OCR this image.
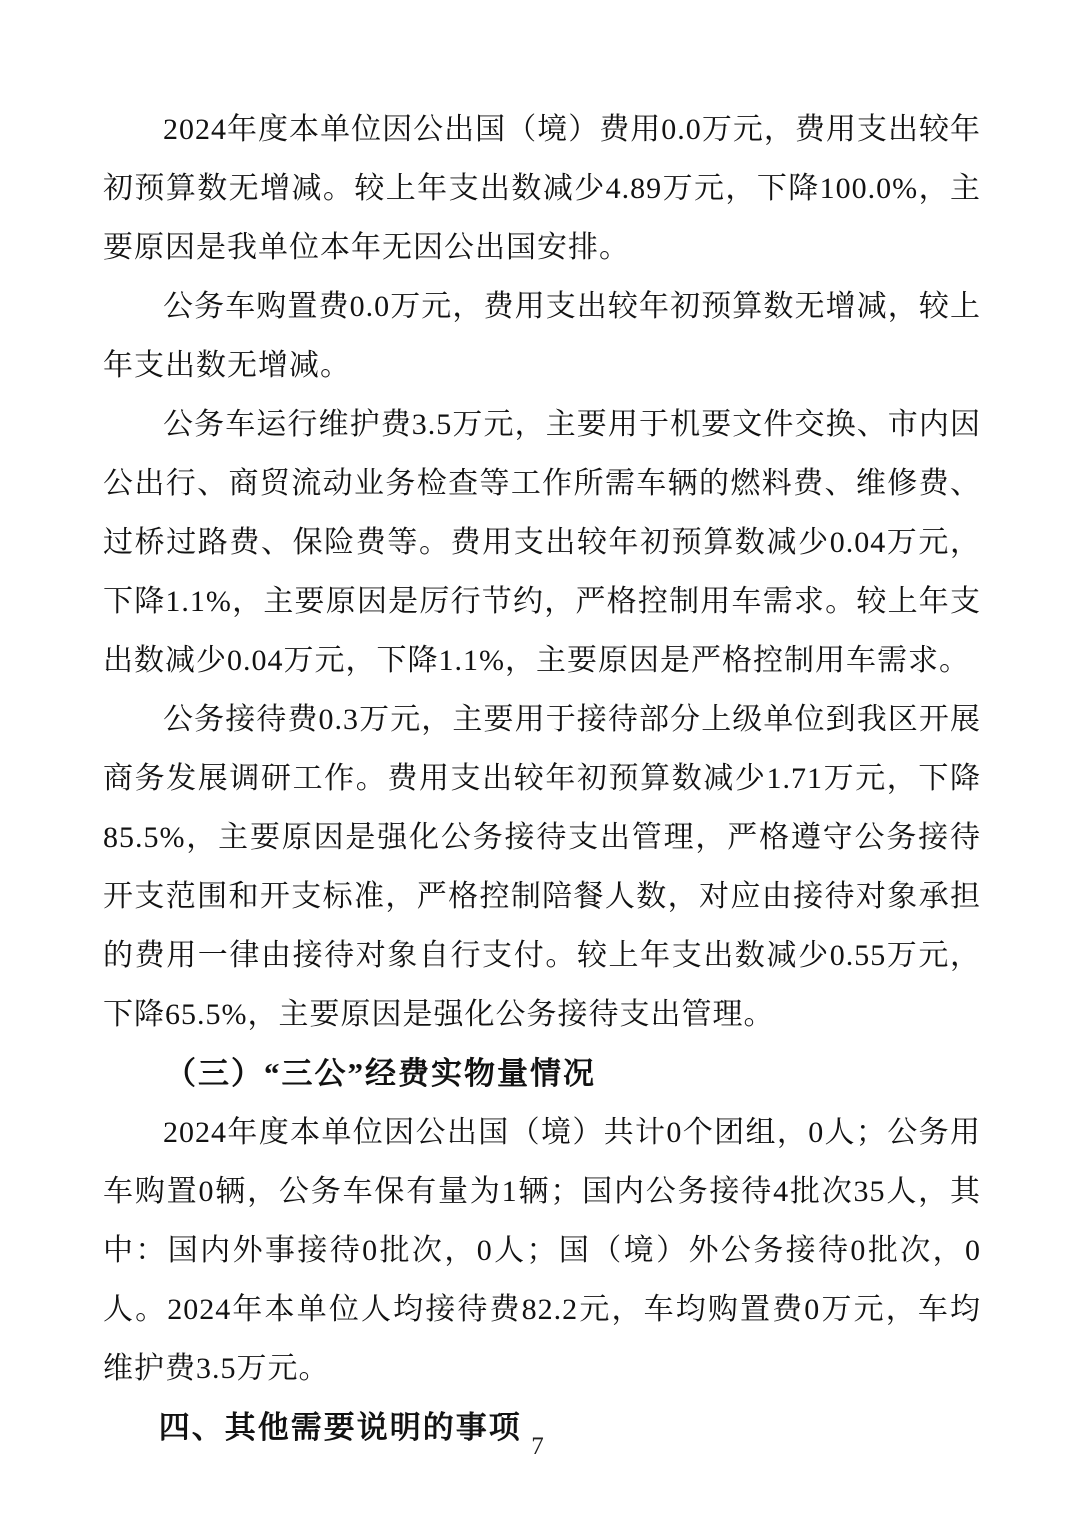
2024年度本单位因公出国（境）费用0.0万元，费用支出较年初预算数无增减。较上年支出数减少4.89万元，下降100.0%，主要原因是我单位本年无因公出国安排。

公务车购置费0.0万元，费用支出较年初预算数无增减，较上年支出数无增减。

公务车运行维护费3.5万元，主要用于机要文件交换、市内因公出行、商贸流动业务检查等工作所需车辆的燃料费、维修费、过桥过路费、保险费等。费用支出较年初预算数减少0.04万元，下降1.1%，主要原因是厉行节约，严格控制用车需求。较上年支出数减少0.04万元，下降1.1%，主要原因是严格控制用车需求。

公务接待费0.3万元，主要用于接待部分上级单位到我区开展商务发展调研工作。费用支出较年初预算数减少1.71万元，下降85.5%，主要原因是强化公务接待支出管理，严格遵守公务接待开支范围和开支标准，严格控制陪餐人数，对应由接待对象承担的费用一律由接待对象自行支付。较上年支出数减少0.55万元，下降65.5%，主要原因是强化公务接待支出管理。

（三）“三公”经费实物量情况

2024年度本单位因公出国（境）共计0个团组，0人；公务用车购置0辆，公务车保有量为1辆；国内公务接待4批次35人，其中：国内外事接待0批次，0人；国（境）外公务接待0批次，0人。2024年本单位人均接待费82.2元，车均购置费0万元，车均维护费3.5万元。

四、其他需要说明的事项
7
